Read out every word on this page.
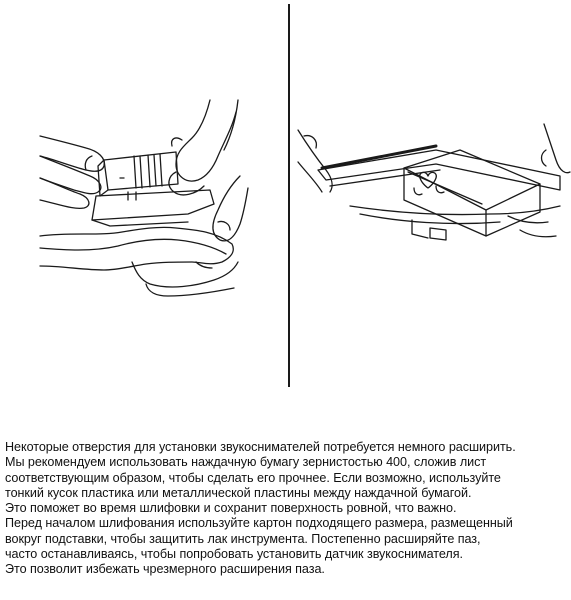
Некоторые отверстия для установки звукоснимателей потребуется немного расширить.

Мы рекомендуем использовать наждачную бумагу зернистостью 400, сложив лист

соответствующим образом, чтобы сделать его прочнее. Если возможно, используйте

тонкий кусок пластика или металлической пластины между наждачной бумагой.

Это поможет во время шлифовки и сохранит поверхность ровной, что важно.

Перед началом шлифования используйте картон подходящего размера, размещенный

вокруг подставки, чтобы защитить лак инструмента. Постепенно расширяйте паз,

часто останавливаясь, чтобы попробовать установить датчик звукоснимателя.

Это позволит избежать чрезмерного расширения паза.
